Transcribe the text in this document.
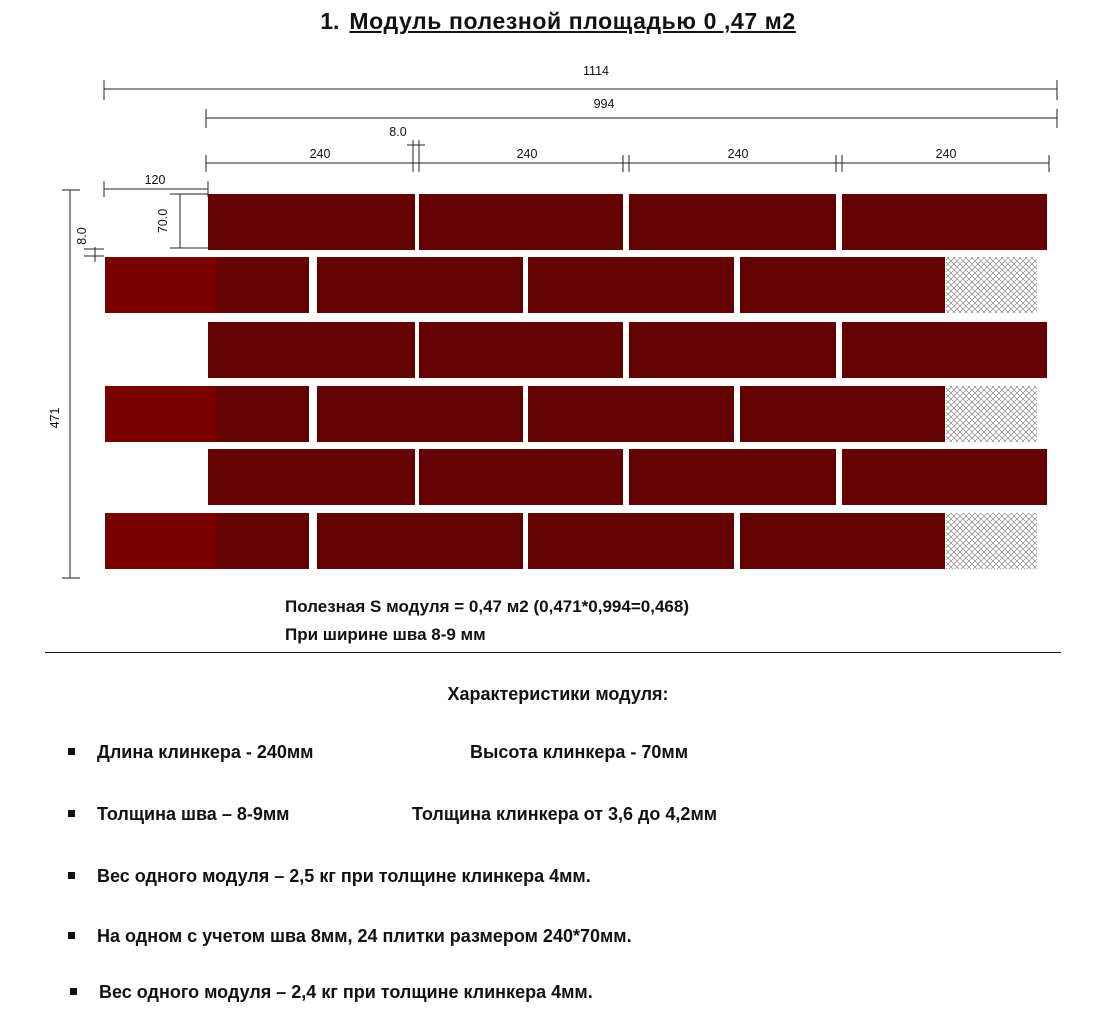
1. Модуль полезной площадью 0 ,47 м2
1114
994
8.0
240	240	240	240
120
70.0
8.0
471
Полезная S модуля = 0,47 м2 (0,471*0,994=0,468)
При ширине шва 8-9 мм
Характеристики модуля:
Длина клинкера - 240мм	Высота клинкера - 70мм
Толщина шва – 8-9мм	Толщина клинкера от 3,6 до 4,2мм
Вес одного модуля – 2,5 кг при толщине клинкера 4мм.
На одном с учетом шва 8мм, 24 плитки размером 240*70мм.
Вес одного модуля – 2,4 кг при толщине клинкера 4мм.
